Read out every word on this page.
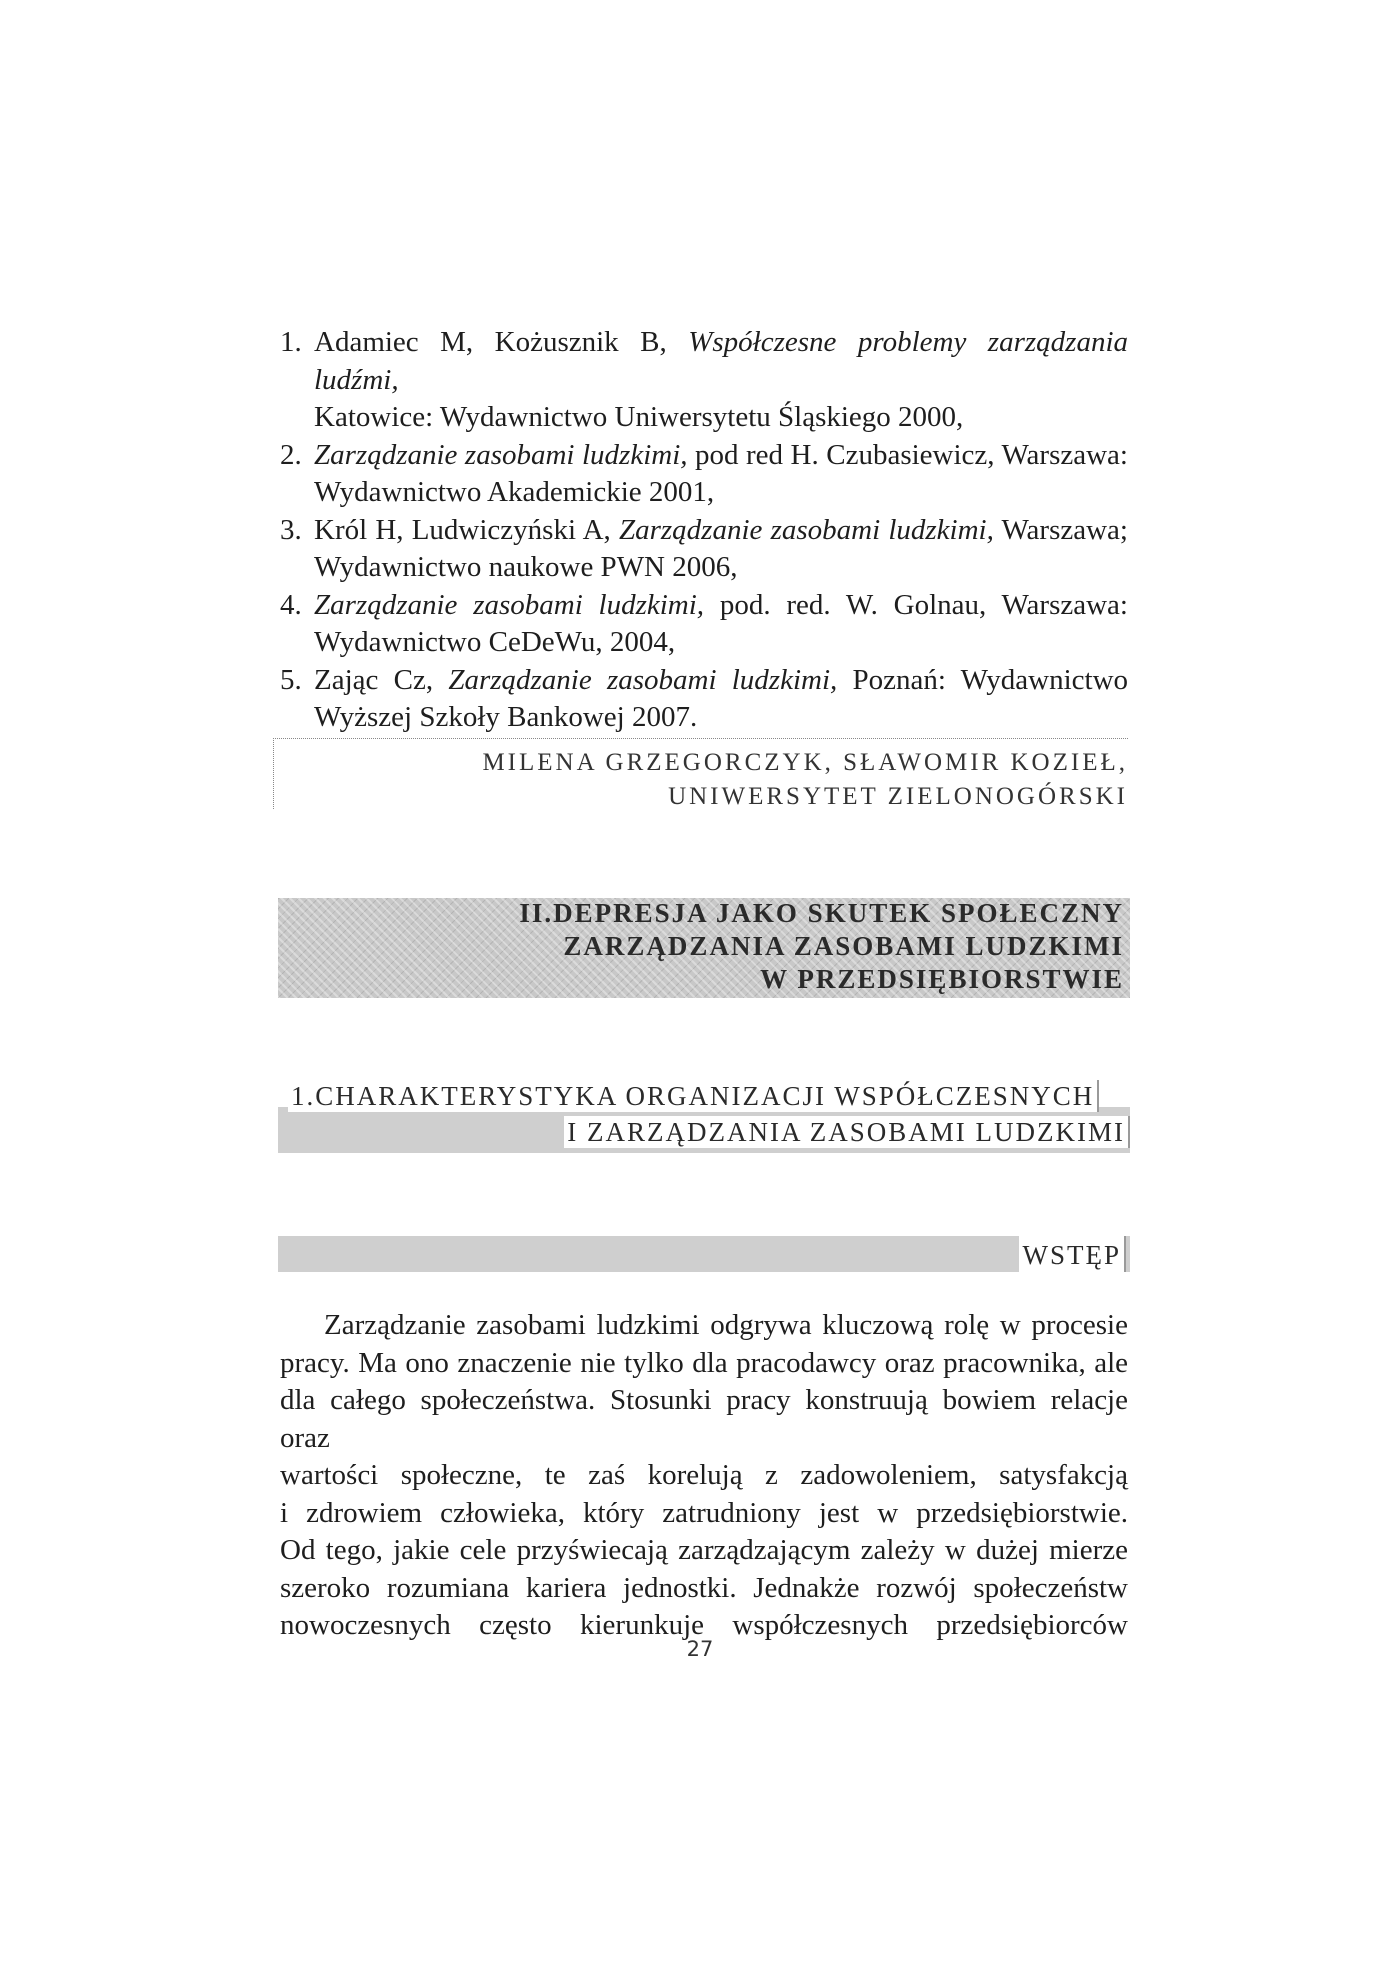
1. Adamiec M, Kożusznik B, Współczesne problemy zarządzania ludźmi,
Katowice: Wydawnictwo Uniwersytetu Śląskiego 2000,
2. Zarządzanie zasobami ludzkimi, pod red H. Czubasiewicz, Warszawa:
Wydawnictwo Akademickie 2001,
3. Król H, Ludwiczyński A, Zarządzanie zasobami ludzkimi, Warszawa;
Wydawnictwo naukowe PWN 2006,
4. Zarządzanie zasobami ludzkimi, pod. red. W. Golnau, Warszawa:
Wydawnictwo CeDeWu, 2004,
5. Zając Cz, Zarządzanie zasobami ludzkimi, Poznań: Wydawnictwo
Wyższej Szkoły Bankowej 2007.
MILENA GRZEGORCZYK, SŁAWOMIR KOZIEŁ,
UNIWERSYTET ZIELONOGÓRSKI
II.DEPRESJA JAKO SKUTEK SPOŁECZNY
ZARZĄDZANIA ZASOBAMI LUDZKIMI
W PRZEDSIĘBIORSTWIE
1.CHARAKTERYSTYKA ORGANIZACJI WSPÓŁCZESNYCH
I ZARZĄDZANIA ZASOBAMI LUDZKIMI
WSTĘP
Zarządzanie zasobami ludzkimi odgrywa kluczową rolę w procesie
pracy. Ma ono znaczenie nie tylko dla pracodawcy oraz pracownika, ale
dla całego społeczeństwa. Stosunki pracy konstruują bowiem relacje oraz
wartości społeczne, te zaś korelują z zadowoleniem, satysfakcją
i zdrowiem człowieka, który zatrudniony jest w przedsiębiorstwie.
Od tego, jakie cele przyświecają zarządzającym zależy w dużej mierze
szeroko rozumiana kariera jednostki. Jednakże rozwój społeczeństw
nowoczesnych często kierunkuje współczesnych przedsiębiorców
27
